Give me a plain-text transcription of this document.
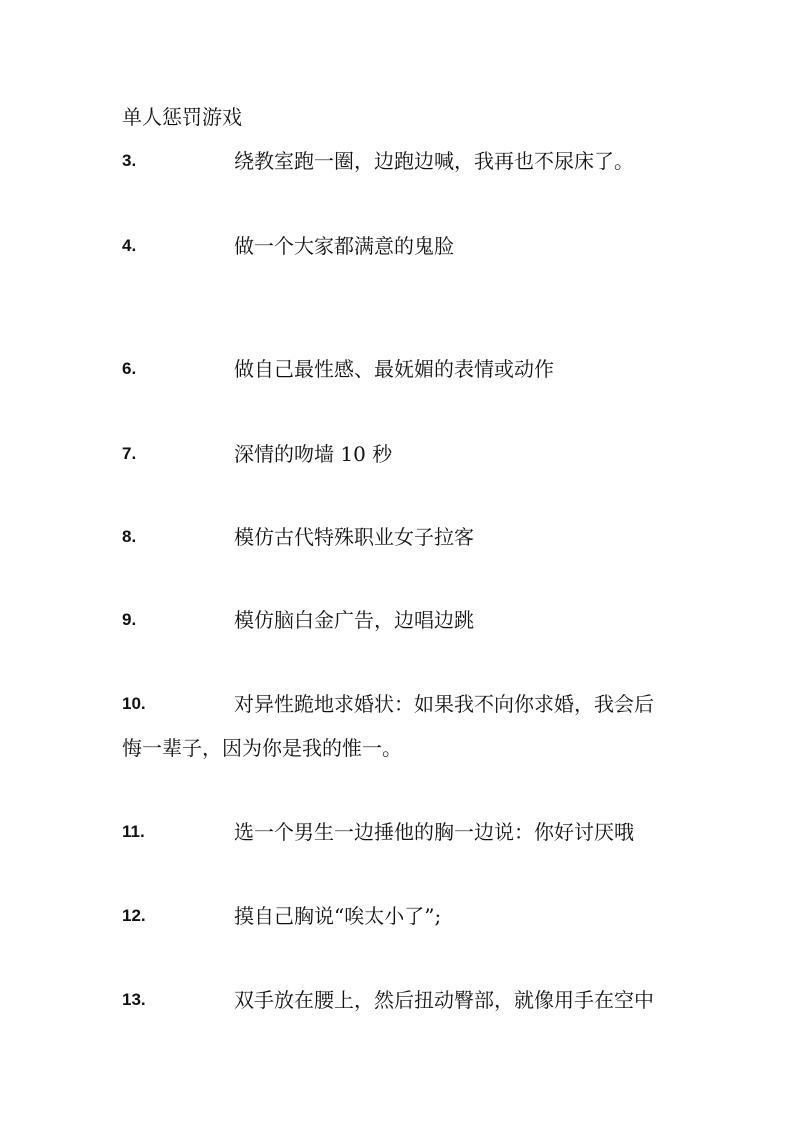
单人惩罚游戏
3.	绕教室跑一圈，边跑边喊，我再也不尿床了。
4.	做一个大家都满意的鬼脸
6.	做自己最性感、最妩媚的表情或动作
7.	深情的吻墙 10 秒
8.	模仿古代特殊职业女子拉客
9.	模仿脑白金广告，边唱边跳
10.	对异性跪地求婚状：如果我不向你求婚，我会后
悔一辈子，因为你是我的惟一。
11.	选一个男生一边捶他的胸一边说：你好讨厌哦
12.	摸自己胸说“唉太小了”;
13.	双手放在腰上，然后扭动臀部，就像用手在空中
